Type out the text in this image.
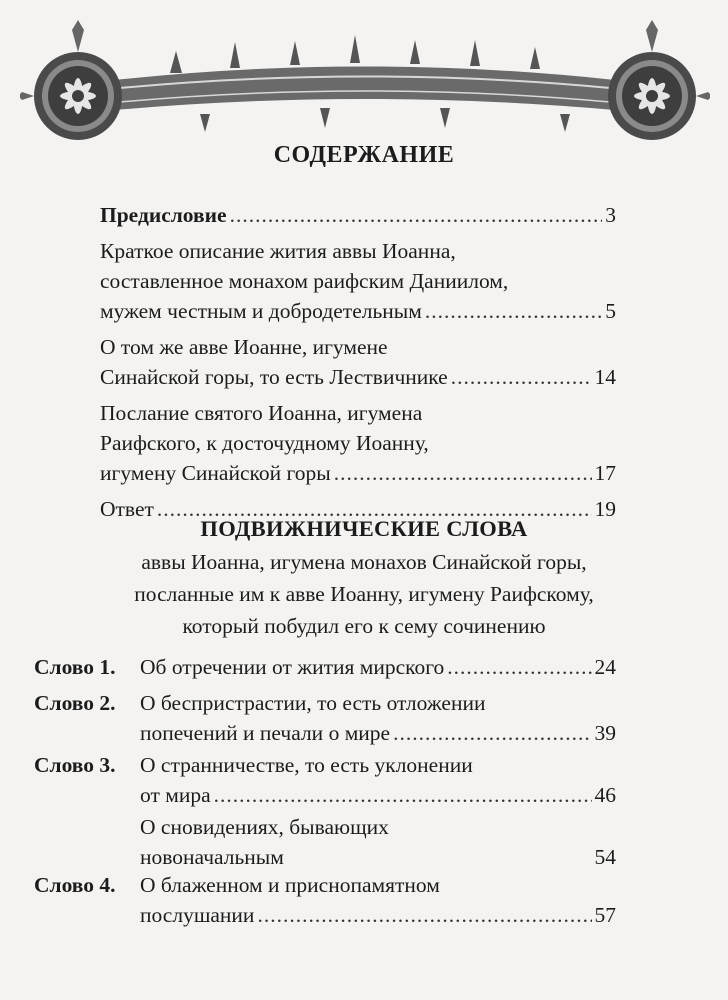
СОДЕРЖАНИЕ
Предисловие .....	3
Краткое описание жития аввы Иоанна,
составленное монахом раифским Даниилом,
мужем честным и добродетельным .....	5
О том же авве Иоанне, игумене
Синайской горы, то есть Лествичнике .....	14
Послание святого Иоанна, игумена
Раифского, к досточудному Иоанну,
игумену Синайской горы .....	17
Ответ .....	19
ПОДВИЖНИЧЕСКИЕ СЛОВА
аввы Иоанна, игумена монахов Синайской горы,
посланные им к авве Иоанну, игумену Раифскому,
который побудил его к сему сочинению
Слово 1. Об отречении от жития мирского .....	24
Слово 2. О беспристрастии, то есть отложении
попечений и печали о мире .....	39
Слово 3. О странничестве, то есть уклонении
от мира .....	46
О сновидениях, бывающих
новоначальным	54
Слово 4. О блаженном и приснопамятном
послушании .....	57
